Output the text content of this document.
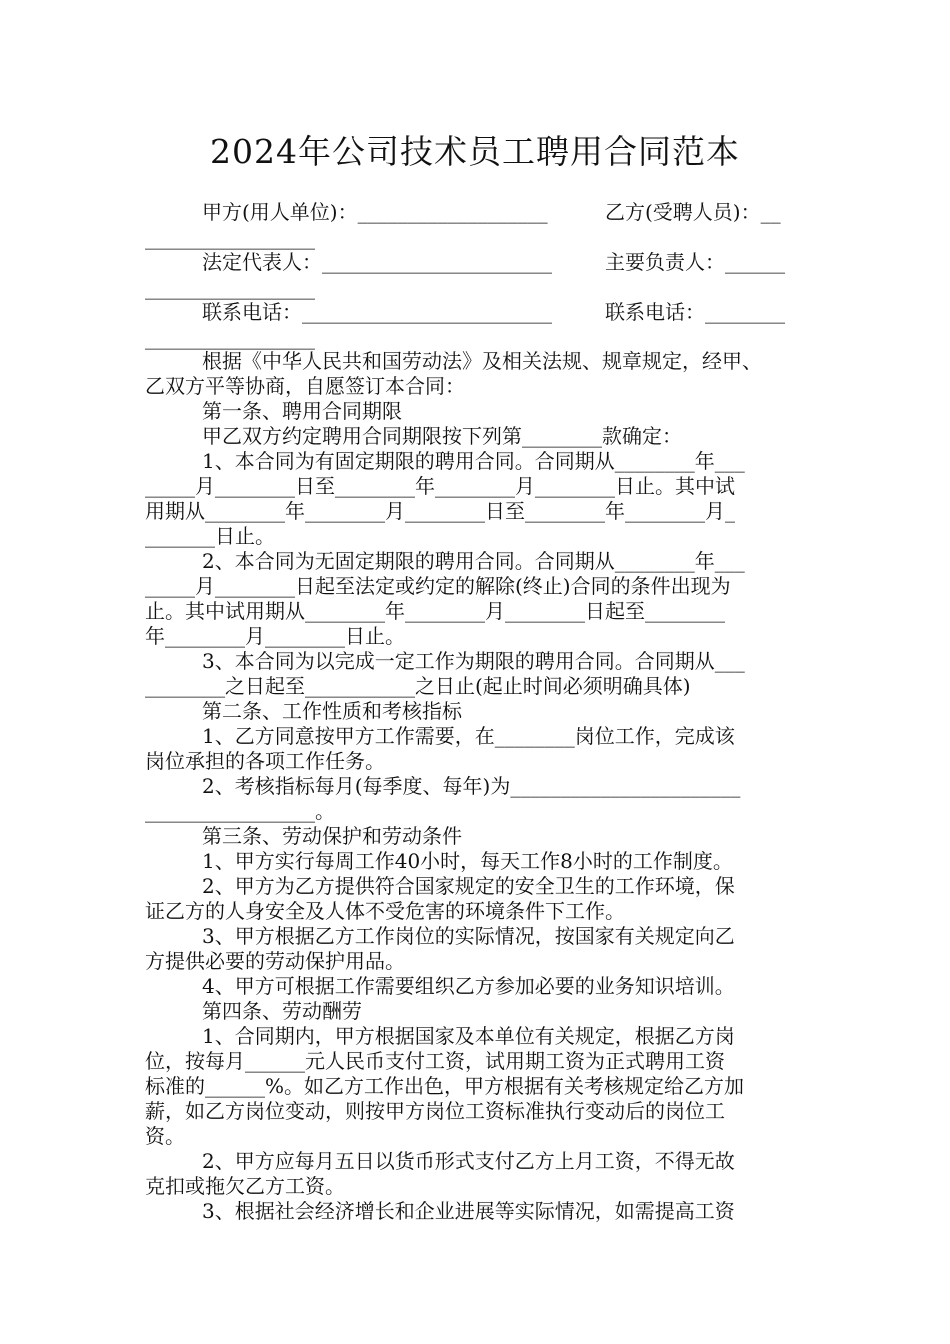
2024年公司技术员工聘用合同范本
甲方(用人单位)：___________________	乙方(受聘人员)：__
_________________
法定代表人：_______________________	主要负责人：______
_________________
联系电话：_________________________	联系电话：________
_________________
根据《中华人民共和国劳动法》及相关法规、规章规定，经甲、
乙双方平等协商，自愿签订本合同：
第一条、聘用合同期限
甲乙双方约定聘用合同期限按下列第________款确定：
1、本合同为有固定期限的聘用合同。合同期从________年___
_____月________日至________年________月________日止。其中试
用期从________年________月________日至________年________月_
_______日止。
2、本合同为无固定期限的聘用合同。合同期从________年___
_____月________日起至法定或约定的解除(终止)合同的条件出现为
止。其中试用期从________年________月________日起至________
年________月________日止。
3、本合同为以完成一定工作为期限的聘用合同。合同期从___
________之日起至___________之日止(起止时间必须明确具体)
第二条、工作性质和考核指标
1、乙方同意按甲方工作需要，在________岗位工作，完成该
岗位承担的各项工作任务。
2、考核指标每月(每季度、每年)为_______________________
_________________。
第三条、劳动保护和劳动条件
1、甲方实行每周工作40小时，每天工作8小时的工作制度。
2、甲方为乙方提供符合国家规定的安全卫生的工作环境，保
证乙方的人身安全及人体不受危害的环境条件下工作。
3、甲方根据乙方工作岗位的实际情况，按国家有关规定向乙
方提供必要的劳动保护用品。
4、甲方可根据工作需要组织乙方参加必要的业务知识培训。
第四条、劳动酬劳
1、合同期内，甲方根据国家及本单位有关规定，根据乙方岗
位，按每月______元人民币支付工资，试用期工资为正式聘用工资
标准的______%。如乙方工作出色，甲方根据有关考核规定给乙方加
薪，如乙方岗位变动，则按甲方岗位工资标准执行变动后的岗位工
资。
2、甲方应每月五日以货币形式支付乙方上月工资，不得无故
克扣或拖欠乙方工资。
3、根据社会经济增长和企业进展等实际情况，如需提高工资
